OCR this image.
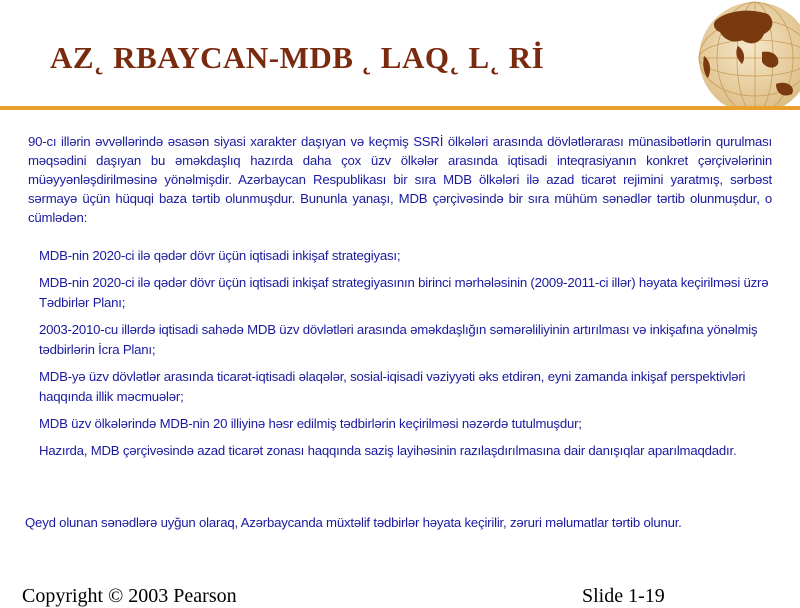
AZ˛ RBAYCAN-MDB ˛ LAQ˛ L˛ Rİ

90-cı illərin əvvəllərində əsasən siyasi xarakter daşıyan və keçmiş SSRİ ölkələri arasında dövlətlərarası münasibətlərin qurulması məqsədini daşıyan bu əməkdaşlıq hazırda daha çox üzv ölkələr arasında iqtisadi inteqrasiyanın konkret çərçivələrinin müəyyənləşdirilməsinə yönəlmişdir. Azərbaycan Respublikası bir sıra MDB ölkələri ilə azad ticarət rejimini yaratmış, sərbəst sərmayə üçün hüquqi baza tərtib olunmuşdur. Bununla yanaşı, MDB çərçivəsində bir sıra mühüm sənədlər tərtib olunmuşdur, o cümlədən:

MDB-nin 2020-ci ilə qədər dövr üçün iqtisadi inkişaf strategiyası;

MDB-nin 2020-ci ilə qədər dövr üçün iqtisadi inkişaf strategiyasının birinci mərhələsinin (2009-2011-ci illər) həyata keçirilməsi üzrə Tədbirlər Planı;

2003-2010-cu illərdə iqtisadi sahədə MDB üzv dövlətləri arasında əməkdaşlığın səmərəliliyinin artırılması və inkişafına yönəlmiş tədbirlərin İcra Planı;

MDB-yə üzv dövlətlər arasında ticarət-iqtisadi əlaqələr, sosial-iqisadi vəziyyəti əks etdirən, eyni zamanda inkişaf perspektivləri haqqında illik məcmuələr;

MDB üzv ölkələrində MDB-nin 20 illiyinə həsr edilmiş tədbirlərin keçirilməsi nəzərdə tutulmuşdur;

Hazırda, MDB çərçivəsində azad ticarət zonası haqqında saziş layihəsinin razılaşdırılmasına dair danışıqlar aparılmaqdadır.

Qeyd olunan sənədlərə uyğun olaraq, Azərbaycanda müxtəlif tədbirlər həyata keçirilir, zəruri məlumatlar tərtib olunur.

Copyright © 2003 Pearson	Slide 1-19
